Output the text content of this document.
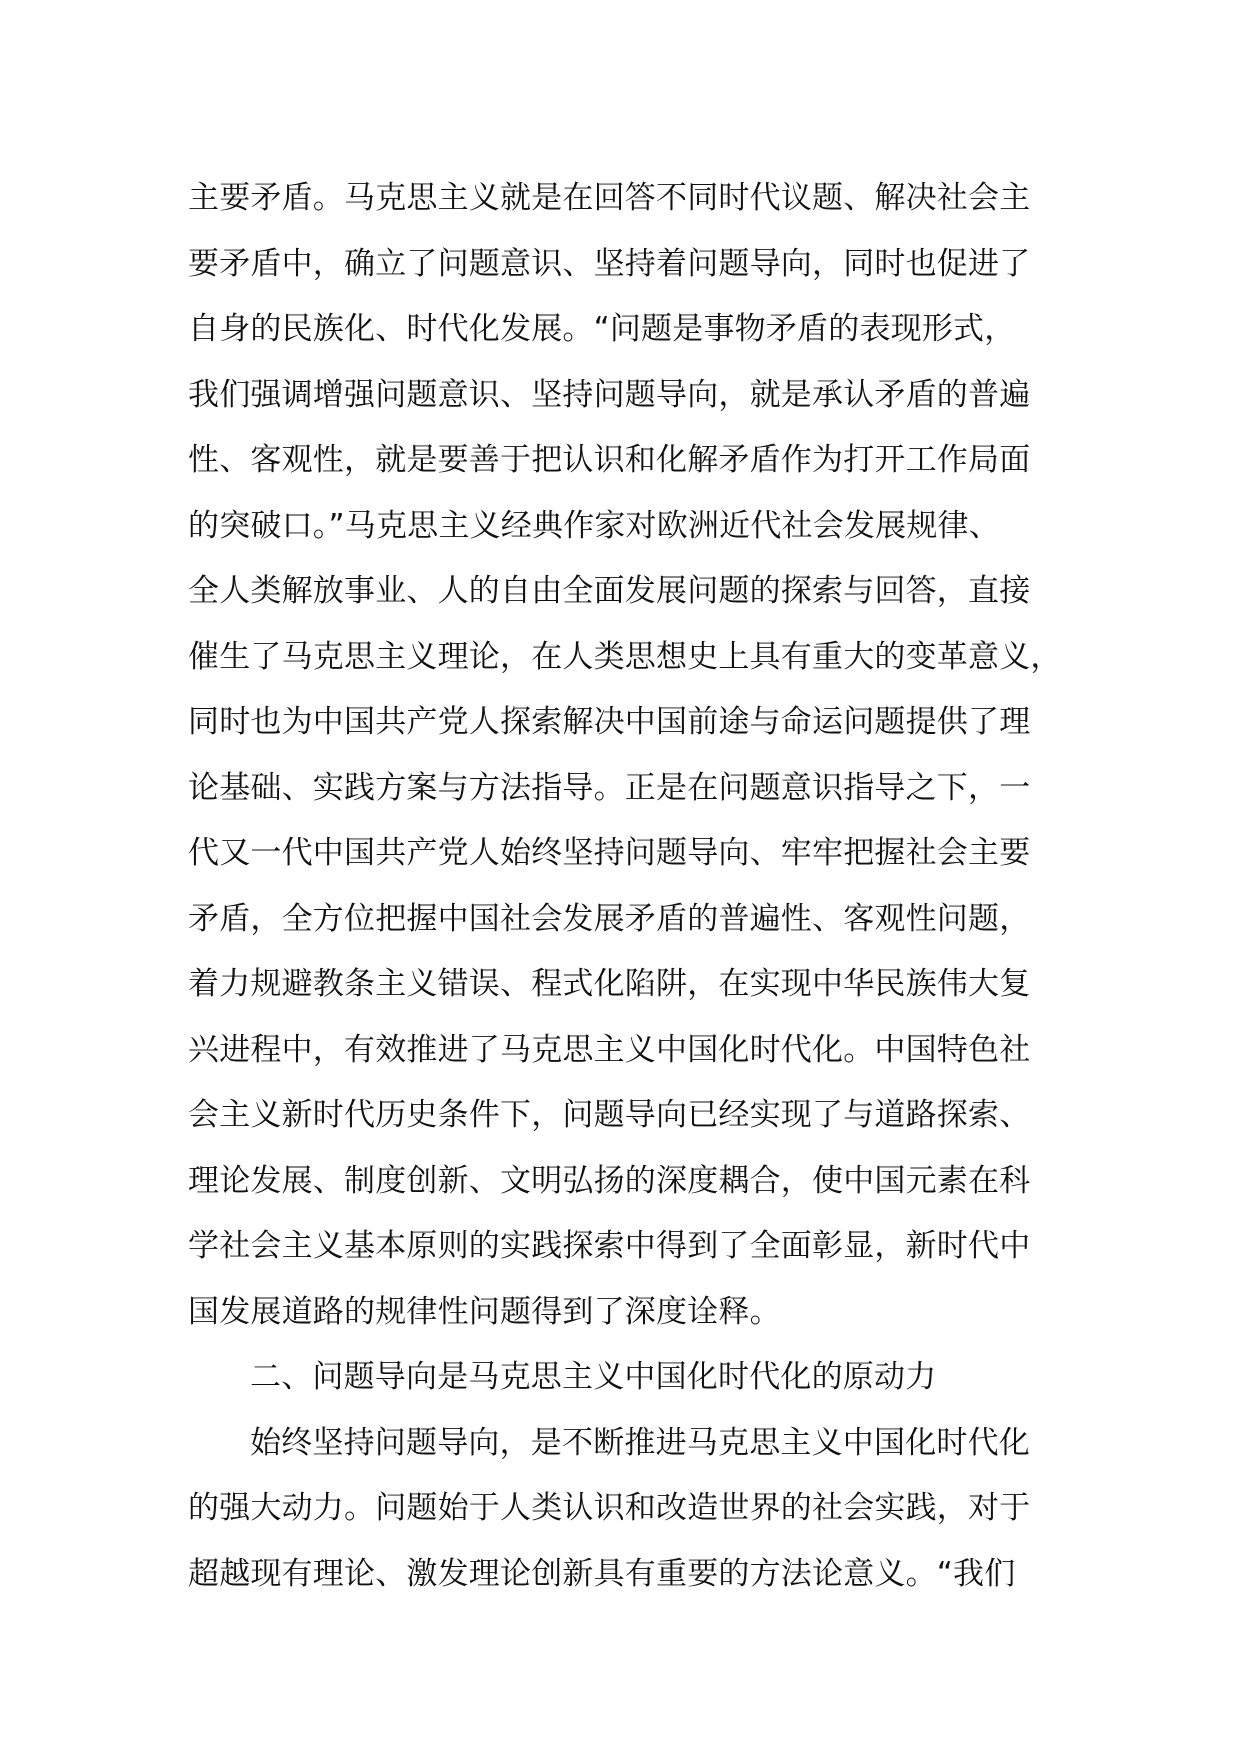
主要矛盾。马克思主义就是在回答不同时代议题、解决社会主
要矛盾中，确立了问题意识、坚持着问题导向，同时也促进了
自身的民族化、时代化发展。“问题是事物矛盾的表现形式，
我们强调增强问题意识、坚持问题导向，就是承认矛盾的普遍
性、客观性，就是要善于把认识和化解矛盾作为打开工作局面
的突破口。”马克思主义经典作家对欧洲近代社会发展规律、
全人类解放事业、人的自由全面发展问题的探索与回答，直接
催生了马克思主义理论，在人类思想史上具有重大的变革意义，
同时也为中国共产党人探索解决中国前途与命运问题提供了理
论基础、实践方案与方法指导。正是在问题意识指导之下，一
代又一代中国共产党人始终坚持问题导向、牢牢把握社会主要
矛盾，全方位把握中国社会发展矛盾的普遍性、客观性问题，
着力规避教条主义错误、程式化陷阱，在实现中华民族伟大复
兴进程中，有效推进了马克思主义中国化时代化。中国特色社
会主义新时代历史条件下，问题导向已经实现了与道路探索、
理论发展、制度创新、文明弘扬的深度耦合，使中国元素在科
学社会主义基本原则的实践探索中得到了全面彰显，新时代中
国发展道路的规律性问题得到了深度诠释。
二、问题导向是马克思主义中国化时代化的原动力
始终坚持问题导向，是不断推进马克思主义中国化时代化
的强大动力。问题始于人类认识和改造世界的社会实践，对于
超越现有理论、激发理论创新具有重要的方法论意义。“我们
